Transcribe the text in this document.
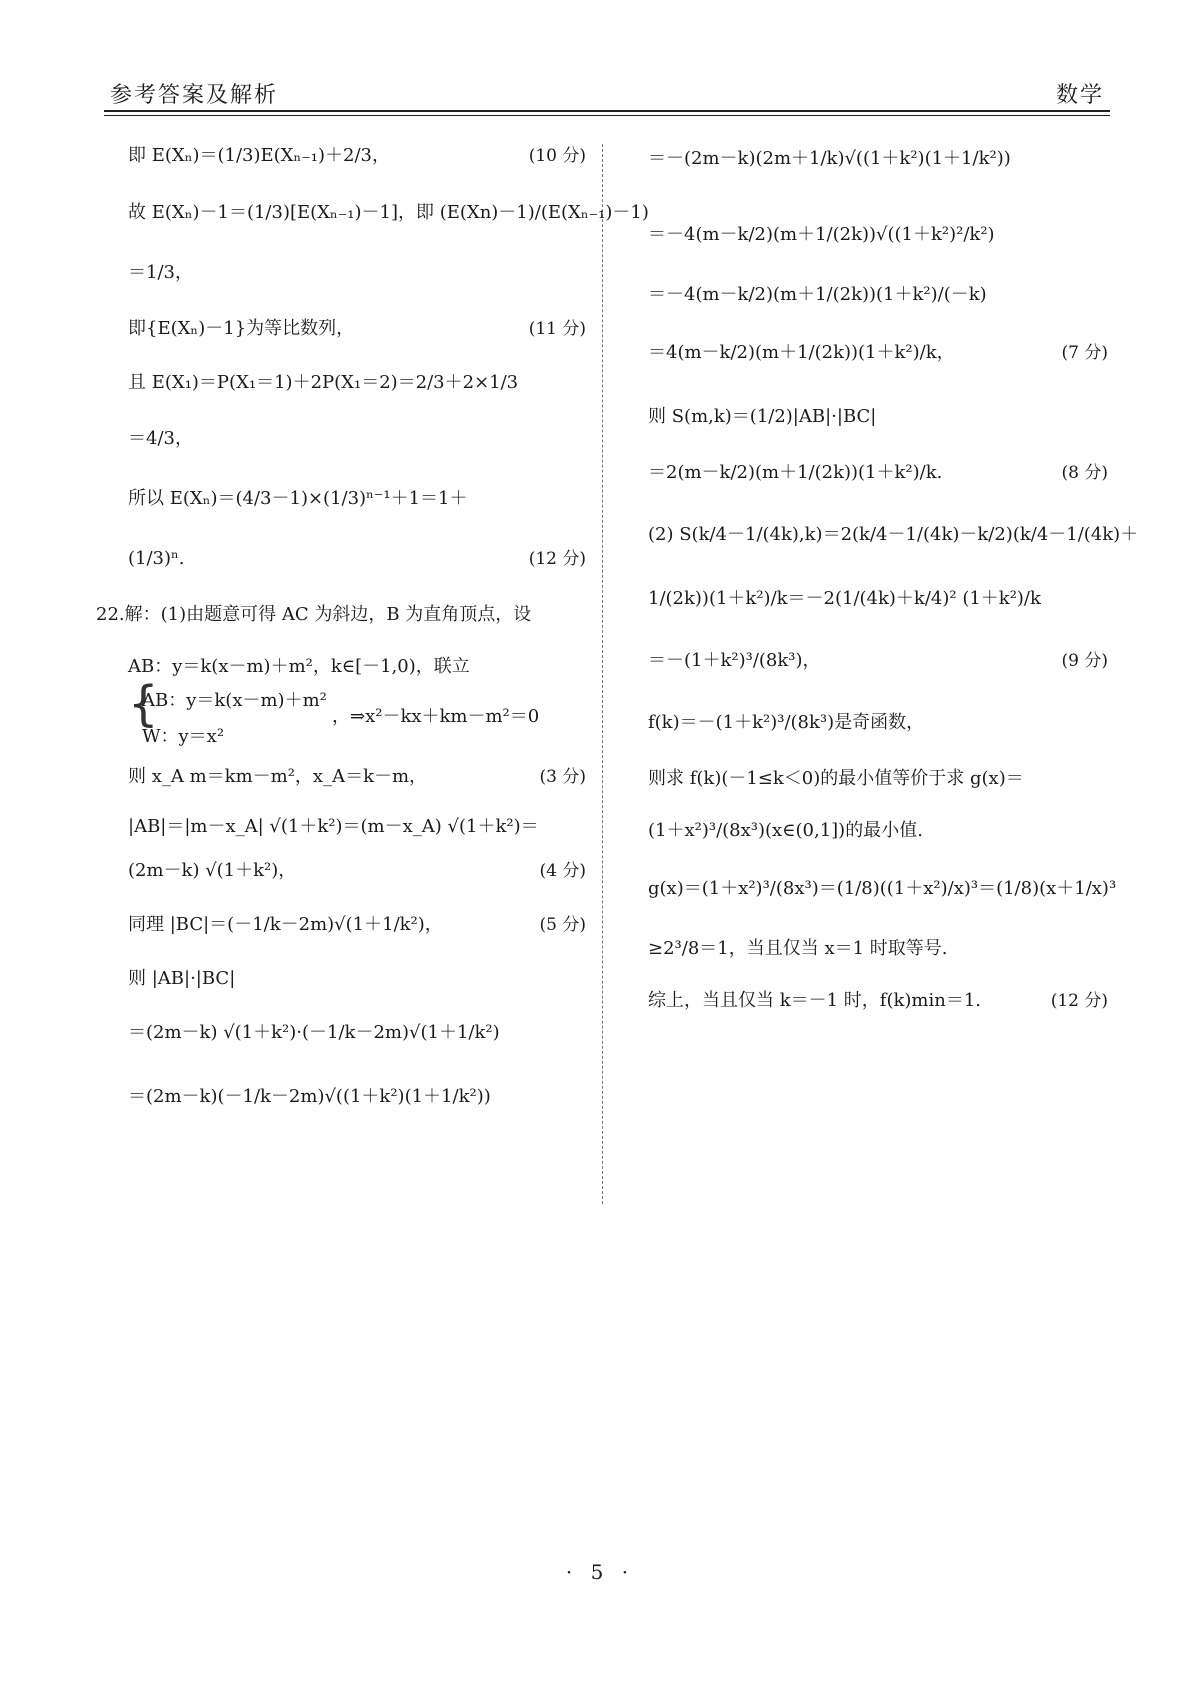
参考答案及解析	数学
即 E(Xₙ)＝(1/3)E(Xₙ₋₁)＋2/3，	(10 分)
故 E(Xₙ)－1＝(1/3)[E(Xₙ₋₁)－1]，即 (E(Xn)－1)/(E(Xₙ₋₁)－1)
＝1/3，
即{E(Xₙ)－1}为等比数列，	(11 分)
且 E(X₁)＝P(X₁＝1)＋2P(X₁＝2)＝2/3＋2×1/3
＝4/3，
所以 E(Xₙ)＝(4/3－1)×(1/3)ⁿ⁻¹＋1＝1＋
(1/3)ⁿ.	(12 分)
22.解：(1)由题意可得 AC 为斜边，B 为直角顶点，设
AB：y＝k(x－m)＋m²，k∈[－1,0)，联立
{
AB：y＝k(x－m)＋m²
，⇒x²－kx＋km－m²＝0
W：y＝x²
则 x_A m＝km－m²，x_A＝k－m，	(3 分)
|AB|＝|m－x_A| √(1＋k²)＝(m－x_A) √(1＋k²)＝
(2m－k) √(1＋k²)，	(4 分)
同理 |BC|＝(－1/k－2m)√(1＋1/k²)，	(5 分)
则 |AB|·|BC|
＝(2m－k) √(1＋k²)·(－1/k－2m)√(1＋1/k²)
＝(2m－k)(－1/k－2m)√((1＋k²)(1＋1/k²))
＝－(2m－k)(2m＋1/k)√((1＋k²)(1＋1/k²))
＝－4(m－k/2)(m＋1/(2k))√((1＋k²)²/k²)
＝－4(m－k/2)(m＋1/(2k))(1＋k²)/(－k)
＝4(m－k/2)(m＋1/(2k))(1＋k²)/k，	(7 分)
则 S(m,k)＝(1/2)|AB|·|BC|
＝2(m－k/2)(m＋1/(2k))(1＋k²)/k.	(8 分)
(2) S(k/4－1/(4k),k)＝2(k/4－1/(4k)－k/2)(k/4－1/(4k)＋
1/(2k))(1＋k²)/k＝－2(1/(4k)＋k/4)² (1＋k²)/k
＝－(1＋k²)³/(8k³)，	(9 分)
f(k)＝－(1＋k²)³/(8k³)是奇函数，
则求 f(k)(－1≤k＜0)的最小值等价于求 g(x)＝
(1＋x²)³/(8x³)(x∈(0,1])的最小值.
g(x)＝(1＋x²)³/(8x³)＝(1/8)((1＋x²)/x)³＝(1/8)(x＋1/x)³
≥2³/8＝1，当且仅当 x＝1 时取等号.
综上，当且仅当 k＝－1 时，f(k)min＝1.	(12 分)
· 5 ·
